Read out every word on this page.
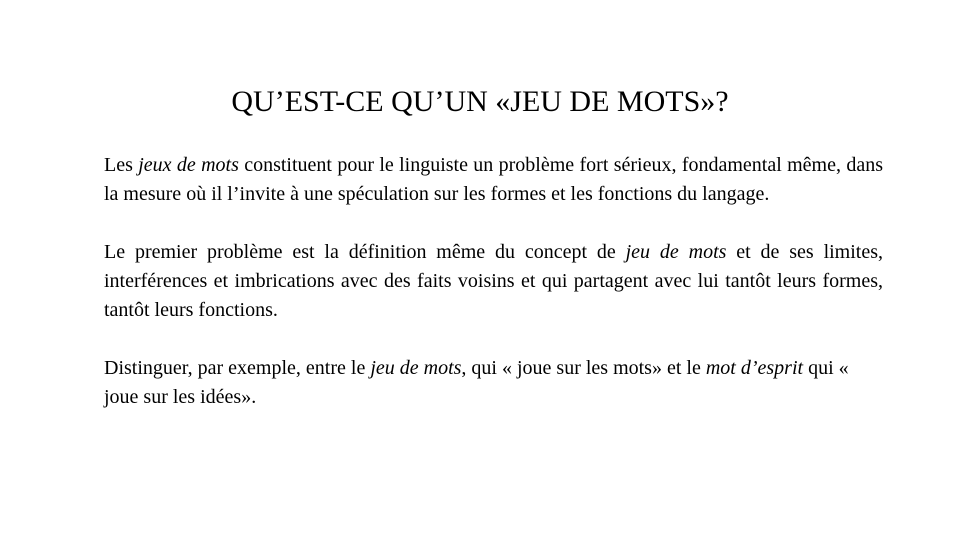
QU’EST-CE QU’UN «JEU DE MOTS»?

Les jeux de mots constituent pour le linguiste un problème fort sérieux, fondamental même, dans la mesure où il l’invite à une spéculation sur les formes et les fonctions du langage.

Le premier problème est la définition même du concept de jeu de mots et de ses limites, interférences et imbrications avec des faits voisins et qui partagent avec lui tantôt leurs formes, tantôt leurs fonctions.

Distinguer, par exemple, entre le jeu de mots, qui « joue sur les mots» et le mot d’esprit qui « joue sur les idées».
